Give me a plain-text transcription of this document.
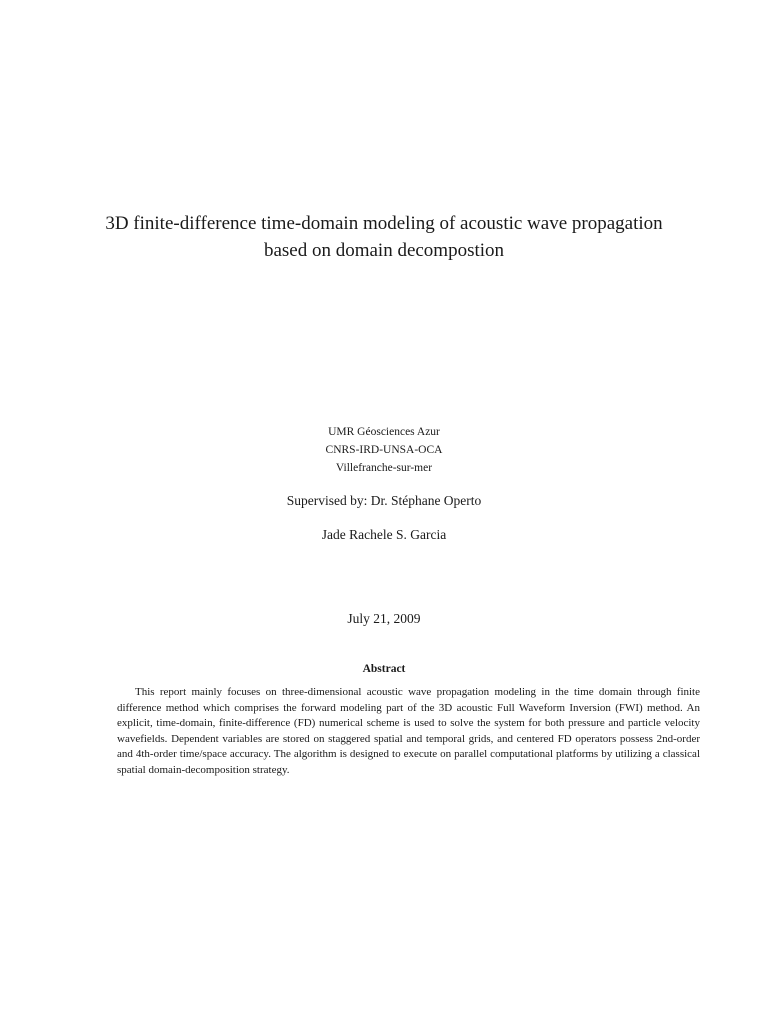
3D finite-difference time-domain modeling of acoustic wave propagation
based on domain decompostion
UMR Géosciences Azur
CNRS-IRD-UNSA-OCA
Villefranche-sur-mer
Supervised by: Dr. Stéphane Operto
Jade Rachele S. Garcia
July 21, 2009
Abstract

This report mainly focuses on three-dimensional acoustic wave propagation modeling in the time domain through finite difference method which comprises the forward modeling part of the 3D acoustic Full Waveform Inversion (FWI) method. An explicit, time-domain, finite-difference (FD) numerical scheme is used to solve the system for both pressure and particle velocity wavefields. Dependent variables are stored on staggered spatial and temporal grids, and centered FD operators possess 2nd-order and 4th-order time/space accuracy. The algorithm is designed to execute on parallel computational platforms by utilizing a classical spatial domain-decomposition strategy.
